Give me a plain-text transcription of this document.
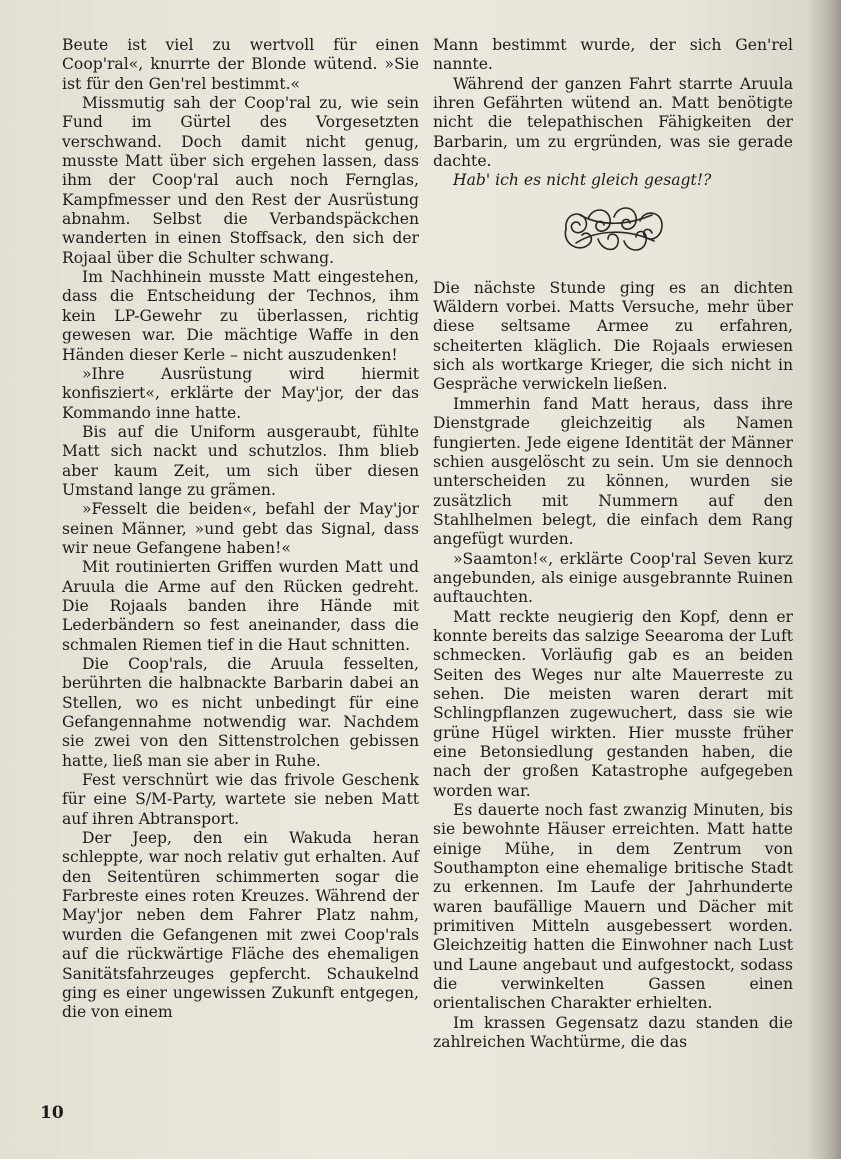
Beute ist viel zu wertvoll für einen Coop'ral«, knurrte der Blonde wütend. »Sie ist für den Gen'rel bestimmt.«

Missmutig sah der Coop'ral zu, wie sein Fund im Gürtel des Vorgesetzten verschwand. Doch damit nicht genug, musste Matt über sich ergehen lassen, dass ihm der Coop'ral auch noch Fernglas, Kampfmesser und den Rest der Ausrüstung abnahm. Selbst die Verbandspäckchen wanderten in einen Stoffsack, den sich der Rojaal über die Schulter schwang.

Im Nachhinein musste Matt eingestehen, dass die Entscheidung der Technos, ihm kein LP-Gewehr zu überlassen, richtig gewesen war. Die mächtige Waffe in den Händen dieser Kerle – nicht auszudenken!

»Ihre Ausrüstung wird hiermit konfisziert«, erklärte der May'jor, der das Kommando inne hatte.

Bis auf die Uniform ausgeraubt, fühlte Matt sich nackt und schutzlos. Ihm blieb aber kaum Zeit, um sich über diesen Umstand lange zu grämen.

»Fesselt die beiden«, befahl der May'jor seinen Männer, »und gebt das Signal, dass wir neue Gefangene haben!«

Mit routinierten Griffen wurden Matt und Aruula die Arme auf den Rücken gedreht. Die Rojaals banden ihre Hände mit Lederbändern so fest aneinander, dass die schmalen Riemen tief in die Haut schnitten.

Die Coop'rals, die Aruula fesselten, berührten die halbnackte Barbarin dabei an Stellen, wo es nicht unbedingt für eine Gefangennahme notwendig war. Nachdem sie zwei von den Sittenstrolchen gebissen hatte, ließ man sie aber in Ruhe.

Fest verschnürt wie das frivole Geschenk für eine S/M-Party, wartete sie neben Matt auf ihren Abtransport.

Der Jeep, den ein Wakuda heran schleppte, war noch relativ gut erhalten. Auf den Seitentüren schimmerten sogar die Farbreste eines roten Kreuzes. Während der May'jor neben dem Fahrer Platz nahm, wurden die Gefangenen mit zwei Coop'rals auf die rückwärtige Fläche des ehemaligen Sanitätsfahrzeuges gepfercht. Schaukelnd ging es einer ungewissen Zukunft entgegen, die von einem

Mann bestimmt wurde, der sich Gen'rel nannte.

Während der ganzen Fahrt starrte Aruula ihren Gefährten wütend an. Matt benötigte nicht die telepathischen Fähigkeiten der Barbarin, um zu ergründen, was sie gerade dachte.

Hab' ich es nicht gleich gesagt!?

Die nächste Stunde ging es an dichten Wäldern vorbei. Matts Versuche, mehr über diese seltsame Armee zu erfahren, scheiterten kläglich. Die Rojaals erwiesen sich als wortkarge Krieger, die sich nicht in Gespräche verwickeln ließen.

Immerhin fand Matt heraus, dass ihre Dienstgrade gleichzeitig als Namen fungierten. Jede eigene Identität der Männer schien ausgelöscht zu sein. Um sie dennoch unterscheiden zu können, wurden sie zusätzlich mit Nummern auf den Stahlhelmen belegt, die einfach dem Rang angefügt wurden.

»Saamton!«, erklärte Coop'ral Seven kurz angebunden, als einige ausgebrannte Ruinen auftauchten.

Matt reckte neugierig den Kopf, denn er konnte bereits das salzige Seearoma der Luft schmecken. Vorläufig gab es an beiden Seiten des Weges nur alte Mauerreste zu sehen. Die meisten waren derart mit Schlingpflanzen zugewuchert, dass sie wie grüne Hügel wirkten. Hier musste früher eine Betonsiedlung gestanden haben, die nach der großen Katastrophe aufgegeben worden war.

Es dauerte noch fast zwanzig Minuten, bis sie bewohnte Häuser erreichten. Matt hatte einige Mühe, in dem Zentrum von Southampton eine ehemalige britische Stadt zu erkennen. Im Laufe der Jahrhunderte waren baufällige Mauern und Dächer mit primitiven Mitteln ausgebessert worden. Gleichzeitig hatten die Einwohner nach Lust und Laune angebaut und aufgestockt, sodass die verwinkelten Gassen einen orientalischen Charakter erhielten.

Im krassen Gegensatz dazu standen die zahlreichen Wachtürme, die das

10
